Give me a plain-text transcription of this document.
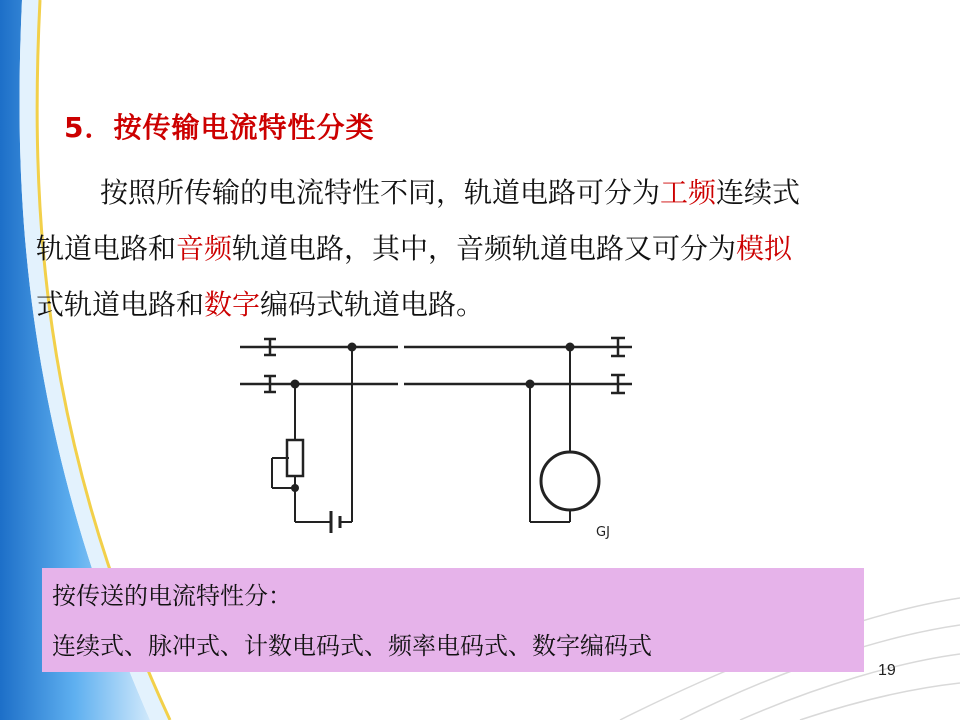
5．按传输电流特性分类
按照所传输的电流特性不同，轨道电路可分为工频连续式
轨道电路和音频轨道电路，其中，音频轨道电路又可分为模拟
式轨道电路和数字编码式轨道电路。
GJ
按传送的电流特性分：
连续式、脉冲式、计数电码式、频率电码式、数字编码式
19
